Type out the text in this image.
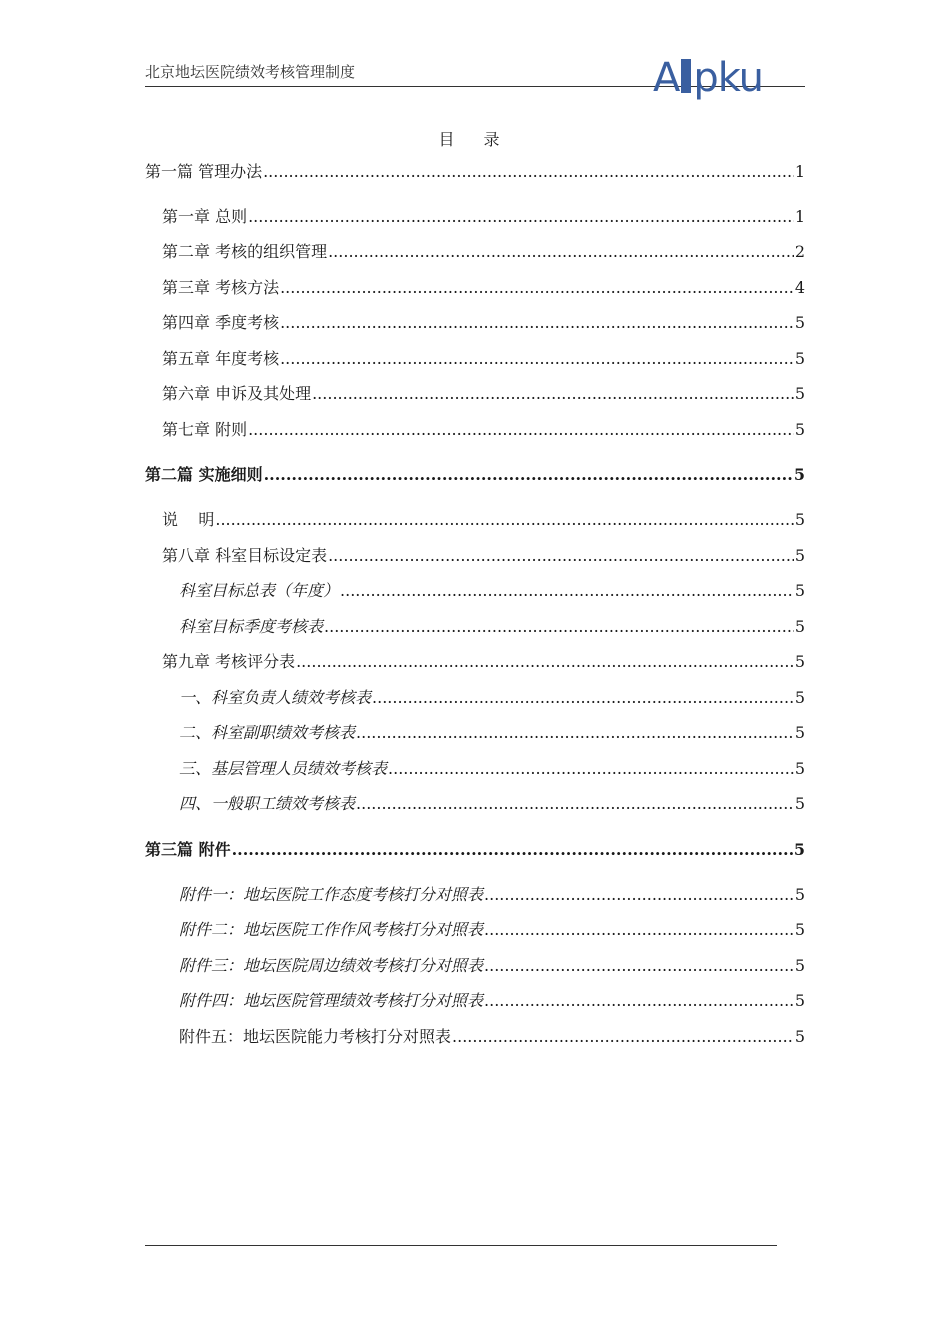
北京地坛医院绩效考核管理制度	A pku
目 录
第一篇 管理办法 .....	1
第一章 总则 .....	1
第二章 考核的组织管理 .....	2
第三章 考核方法 .....	4
第四章 季度考核 .....	5
第五章 年度考核 .....	5
第六章 申诉及其处理 .....	5
第七章 附则 .....	5
第二篇 实施细则 .....	5
说    明 .....	5
第八章 科室目标设定表 .....	5
科室目标总表（年度） .....	5
科室目标季度考核表 .....	5
第九章 考核评分表 .....	5
一、科室负责人绩效考核表 .....	5
二、科室副职绩效考核表 .....	5
三、基层管理人员绩效考核表 .....	5
四、一般职工绩效考核表 .....	5
第三篇 附件 .....	5
附件一：地坛医院工作态度考核打分对照表 .....	5
附件二：地坛医院工作作风考核打分对照表 .....	5
附件三：地坛医院周边绩效考核打分对照表 .....	5
附件四：地坛医院管理绩效考核打分对照表 .....	5
附件五：地坛医院能力考核打分对照表 .....	5
